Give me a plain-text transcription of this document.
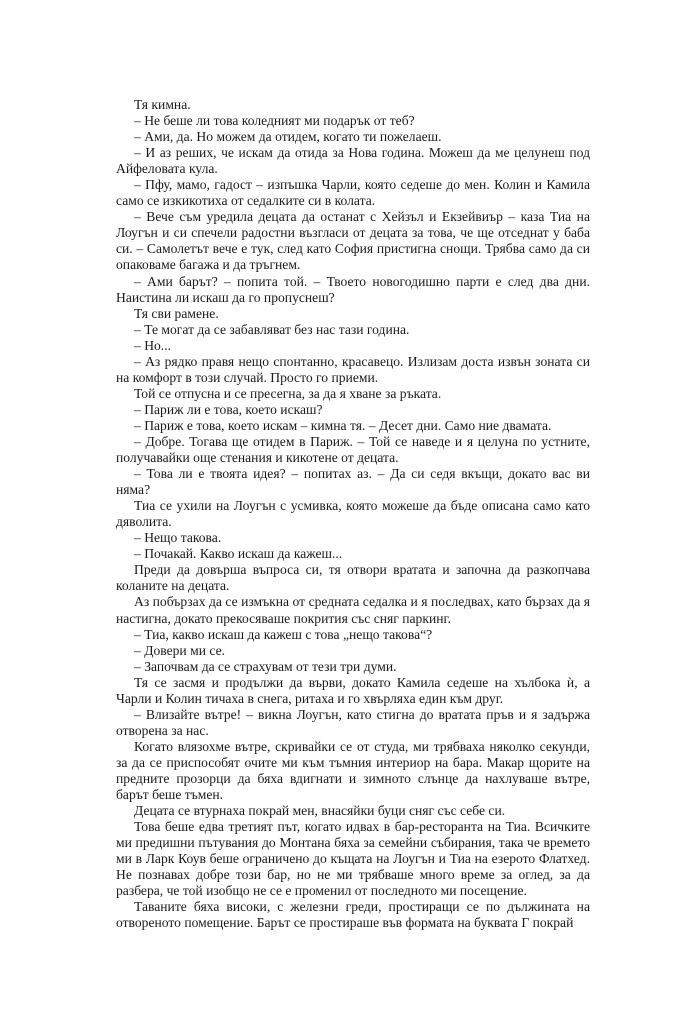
Тя кимна.

– Не беше ли това коледният ми подарък от теб?

– Ами, да. Но можем да отидем, когато ти пожелаеш.

– И аз реших, че искам да отида за Нова година. Можеш да ме целунеш под Айфеловата кула.

– Пфу, мамо, гадост – изпъшка Чарли, която седеше до мен. Колин и Камила само се изкикотиха от седалките си в колата.

– Вече съм уредила децата да останат с Хейзъл и Екзейвиър – каза Тиа на Лоугън и си спечели радостни възгласи от децата за това, че ще отседнат у баба си. – Самолетът вече е тук, след като София пристигна снощи. Трябва само да си опаковаме багажа и да тръгнем.

– Ами барът? – попита той. – Твоето новогодишно парти е след два дни. Наистина ли искаш да го пропуснеш?

Тя сви рамене.

– Те могат да се забавляват без нас тази година.

– Но...

– Аз рядко правя нещо спонтанно, красавецо. Излизам доста извън зоната си на комфорт в този случай. Просто го приеми.

Той се отпусна и се пресегна, за да я хване за ръката.

– Париж ли е това, което искаш?

– Париж е това, което искам – кимна тя. – Десет дни. Само ние двамата.

– Добре. Тогава ще отидем в Париж. – Той се наведе и я целуна по устните, получавайки още стенания и кикотене от децата.

– Това ли е твоята идея? – попитах аз. – Да си седя вкъщи, докато вас ви няма?

Тиа се ухили на Лоугън с усмивка, която можеше да бъде описана само като дяволита.

– Нещо такова.

– Почакай. Какво искаш да кажеш...

Преди да довърша въпроса си, тя отвори вратата и започна да разкопчава коланите на децата.

Аз побързах да се измъкна от средната седалка и я последвах, като бързах да я настигна, докато прекосяваше покрития със сняг паркинг.

– Тиа, какво искаш да кажеш с това „нещо такова“?

– Довери ми се.

– Започвам да се страхувам от тези три думи.

Тя се засмя и продължи да върви, докато Камила седеше на хълбока ѝ, а Чарли и Колин тичаха в снега, ритаха и го хвърляха един към друг.

– Влизайте вътре! – викна Лоугън, като стигна до вратата пръв и я задържа отворена за нас.

Когато влязохме вътре, скривайки се от студа, ми трябваха няколко секунди, за да се приспособят очите ми към тъмния интериор на бара. Макар щорите на предните прозорци да бяха вдигнати и зимното слънце да нахлуваше вътре, барът беше тъмен.

Децата се втурнаха покрай мен, внасяйки буци сняг със себе си.

Това беше едва третият път, когато идвах в бар-ресторанта на Тиа. Всичките ми предишни пътувания до Монтана бяха за семейни събирания, така че времето ми в Ларк Коув беше ограничено до къщата на Лоугън и Тиа на езерото Флатхед. Не познавах добре този бар, но не ми трябваше много време за оглед, за да разбера, че той изобщо не се е променил от последното ми посещение.

Таваните бяха високи, с железни греди, простиращи се по дължината на отвореното помещение. Барът се простираше във формата на буквата Г покрай
